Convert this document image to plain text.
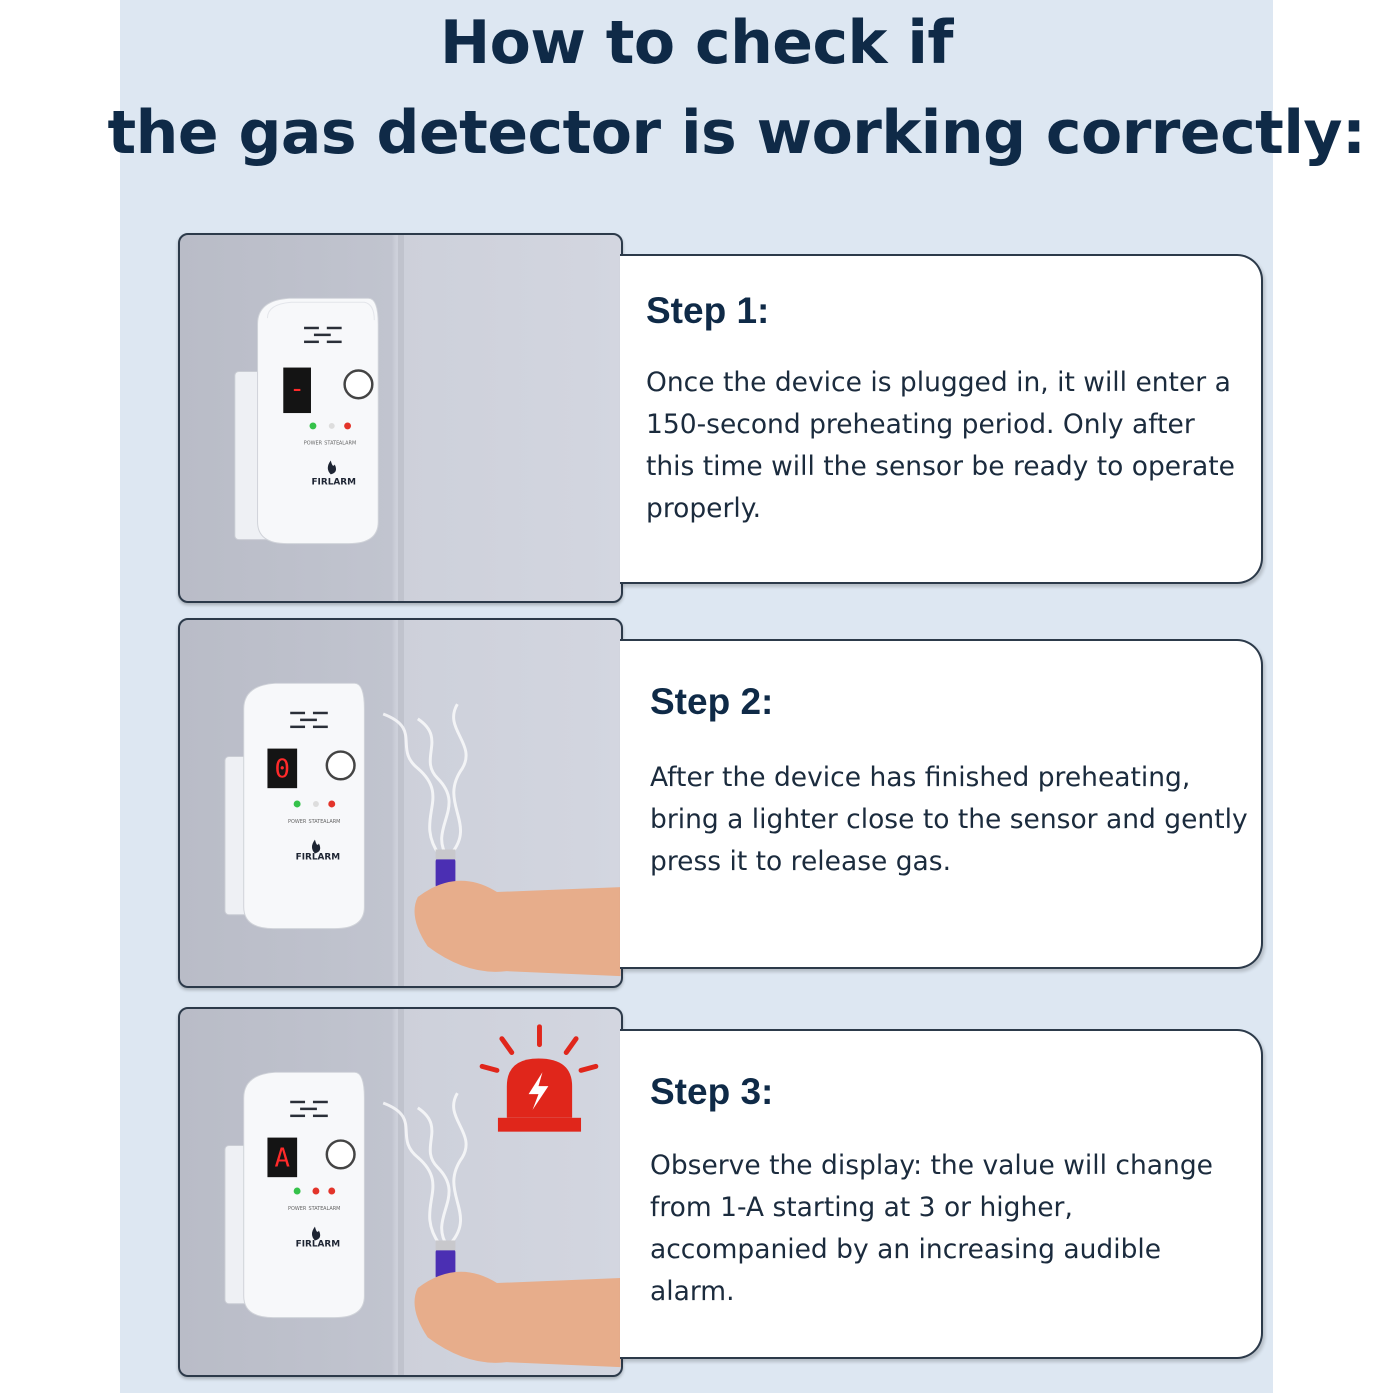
How to check if
the gas detector is working correctly:
-
POWER STATE ALARM
FIRLARM
Step 1:
Once the device is plugged in, it will enter a 150-second preheating period. Only after this time will the sensor be ready to operate properly.
0
POWER STATE ALARM
FIRLARM
Step 2:
After the device has finished preheating, bring a lighter close to the sensor and gently press it to release gas.
A
POWER STATE ALARM
FIRLARM
Step 3:
Observe the display: the value will change from 1-A starting at 3 or higher, accompanied by an increasing audible alarm.
